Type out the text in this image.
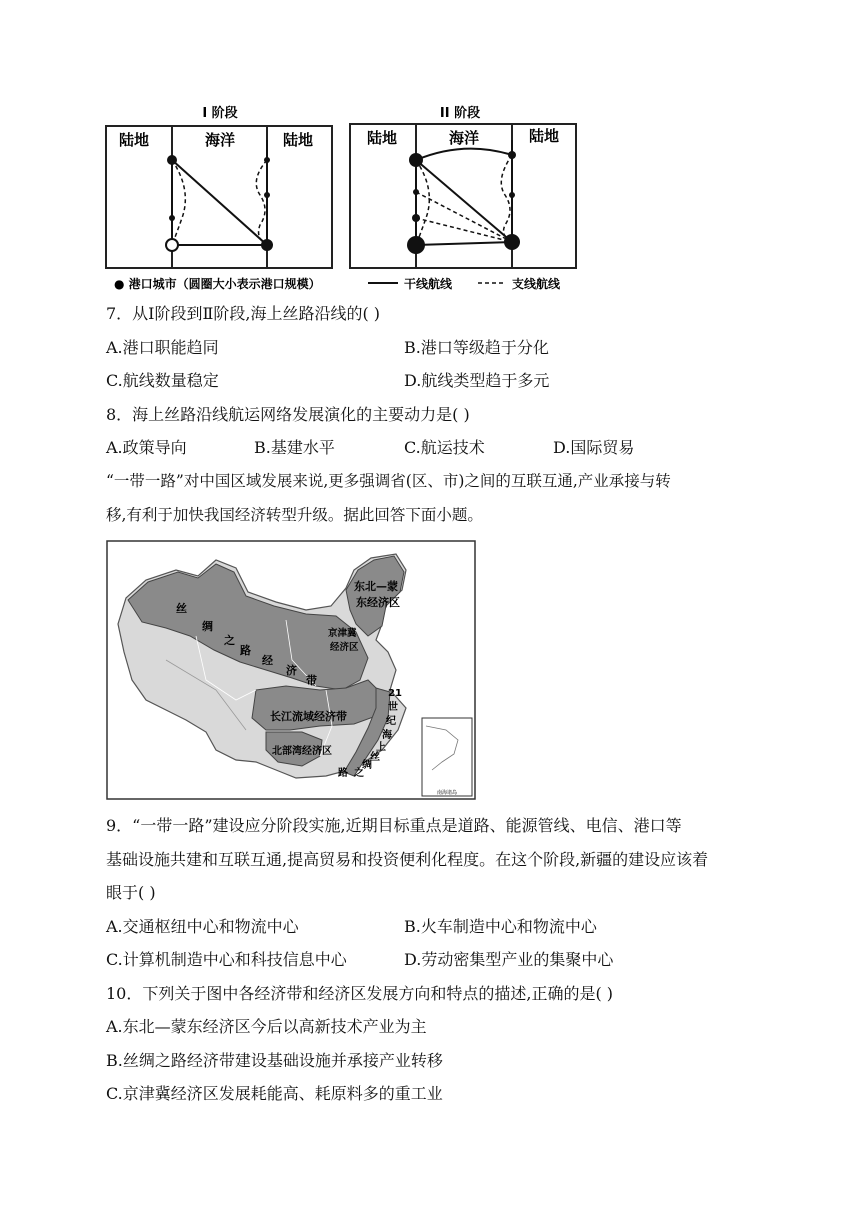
I 阶段
陆地	海洋	陆地
II 阶段
陆地	海洋	陆地
● 港口城市（圆圈大小表示港口规模）	干线航线	支线航线
7．从Ⅰ阶段到Ⅱ阶段,海上丝路沿线的( )
A.港口职能趋同	B.港口等级趋于分化
C.航线数量稳定	D.航线类型趋于多元
8．海上丝路沿线航运网络发展演化的主要动力是( )
A.政策导向	B.基建水平	C.航运技术	D.国际贸易
“一带一路”对中国区域发展来说,更多强调省(区、市)之间的互联互通,产业承接与转
移,有利于加快我国经济转型升级。据此回答下面小题。
南海诸岛
东北—蒙
东经济区
京津冀
经济区
丝
绸
之
路
经
济
带
长江流域经济带
北部湾经济区
21
世
纪
海
上
丝
绸
之
路
9．“一带一路”建设应分阶段实施,近期目标重点是道路、能源管线、电信、港口等
基础设施共建和互联互通,提高贸易和投资便利化程度。在这个阶段,新疆的建设应该着
眼于( )
A.交通枢纽中心和物流中心	B.火车制造中心和物流中心
C.计算机制造中心和科技信息中心	D.劳动密集型产业的集聚中心
10．下列关于图中各经济带和经济区发展方向和特点的描述,正确的是( )
A.东北—蒙东经济区今后以高新技术产业为主
B.丝绸之路经济带建设基础设施并承接产业转移
C.京津冀经济区发展耗能高、耗原料多的重工业
